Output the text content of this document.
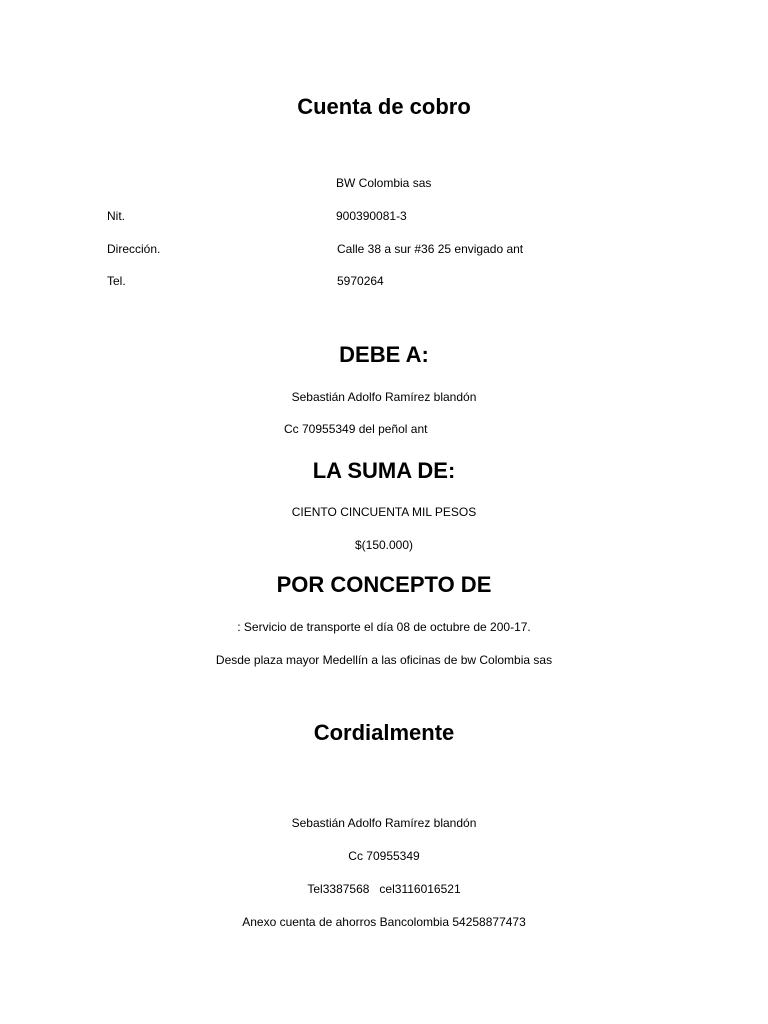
Cuenta de cobro
BW Colombia sas
Nit.	900390081-3
Dirección.	Calle 38 a sur #36 25 envigado ant
Tel.	5970264
DEBE A:
Sebastián Adolfo Ramírez blandón
Cc 70955349 del peñol ant
LA SUMA DE:
CIENTO CINCUENTA MIL PESOS
$(150.000)
POR CONCEPTO DE
: Servicio de transporte el día 08 de octubre de 200-17.
Desde plaza mayor Medellín a las oficinas de bw Colombia sas
Cordialmente
Sebastián Adolfo Ramírez blandón
Cc 70955349
Tel3387568   cel3116016521
Anexo cuenta de ahorros Bancolombia 54258877473
